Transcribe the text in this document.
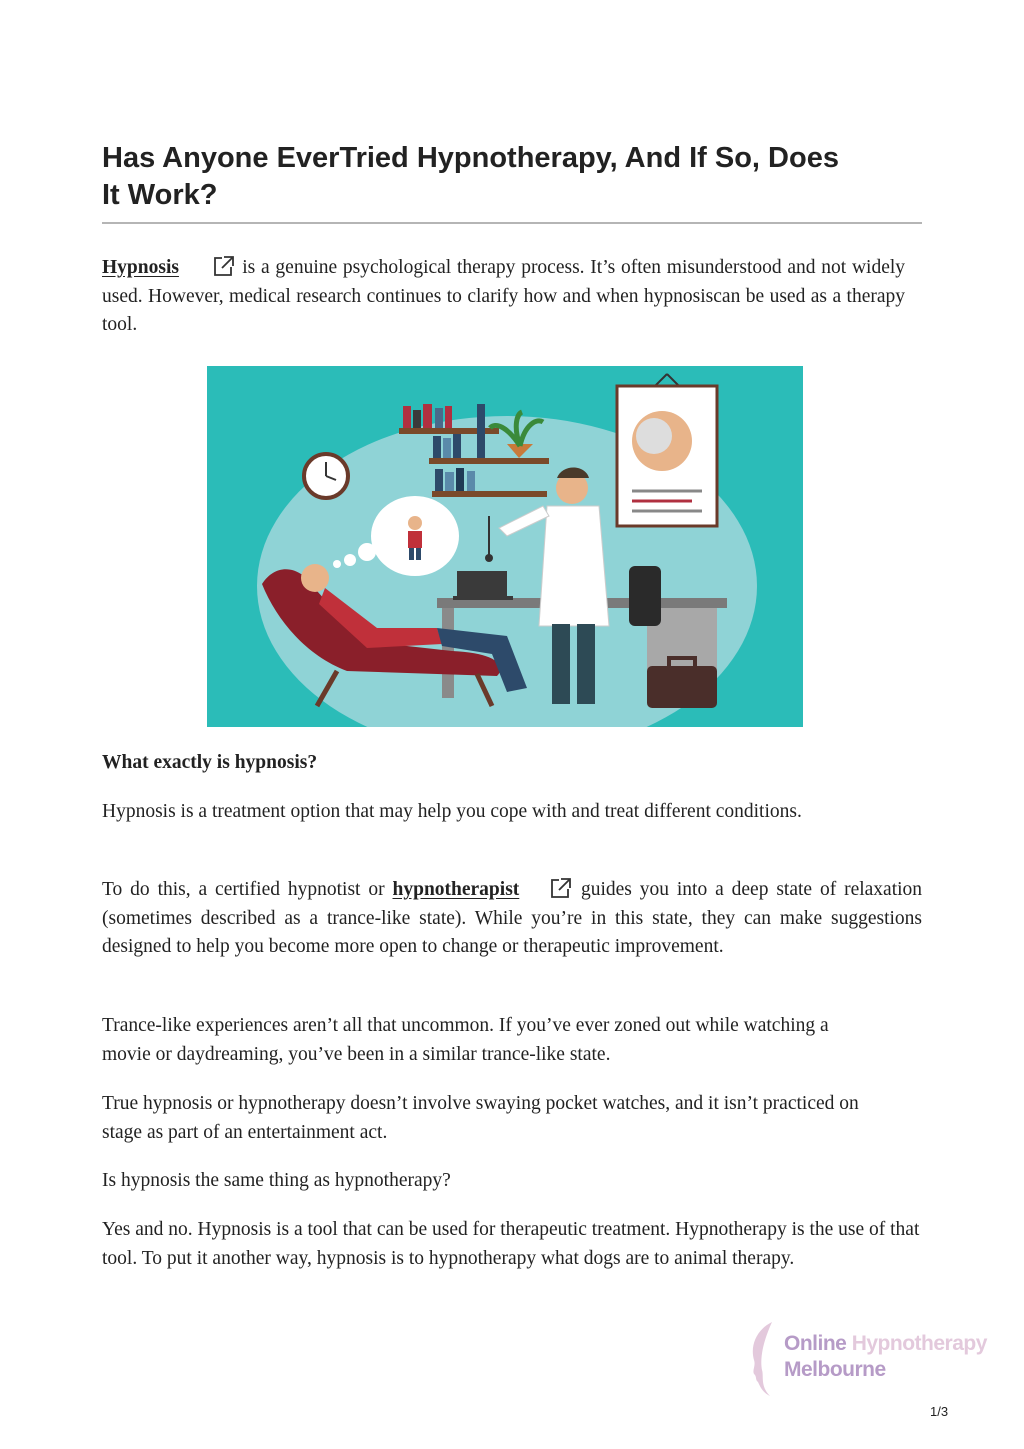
Has Anyone EverTried Hypnotherapy, And If So, Does It Work?

Hypnosis	is a genuine psychological therapy process. It’s often misunderstood and not widely used. However, medical research continues to clarify how and when hypnosiscan be used as a therapy tool.

What exactly is hypnosis?

Hypnosis is a treatment option that may help you cope with and treat different conditions.

To do this, a certified hypnotist or hypnotherapist	guides you into a deep state of relaxation (sometimes described as a trance-like state). While you’re in this state, they can make suggestions designed to help you become more open to change or therapeutic improvement.

Trance-like experiences aren’t all that uncommon. If you’ve ever zoned out while watching a movie or daydreaming, you’ve been in a similar trance-like state.

True hypnosis or hypnotherapy doesn’t involve swaying pocket watches, and it isn’t practiced on stage as part of an entertainment act.

Is hypnosis the same thing as hypnotherapy?

Yes and no. Hypnosis is a tool that can be used for therapeutic treatment. Hypnotherapy is the use of that tool. To put it another way, hypnosis is to hypnotherapy what dogs are to animal therapy.

Online Hypnotherapy
Melbourne
1/3
